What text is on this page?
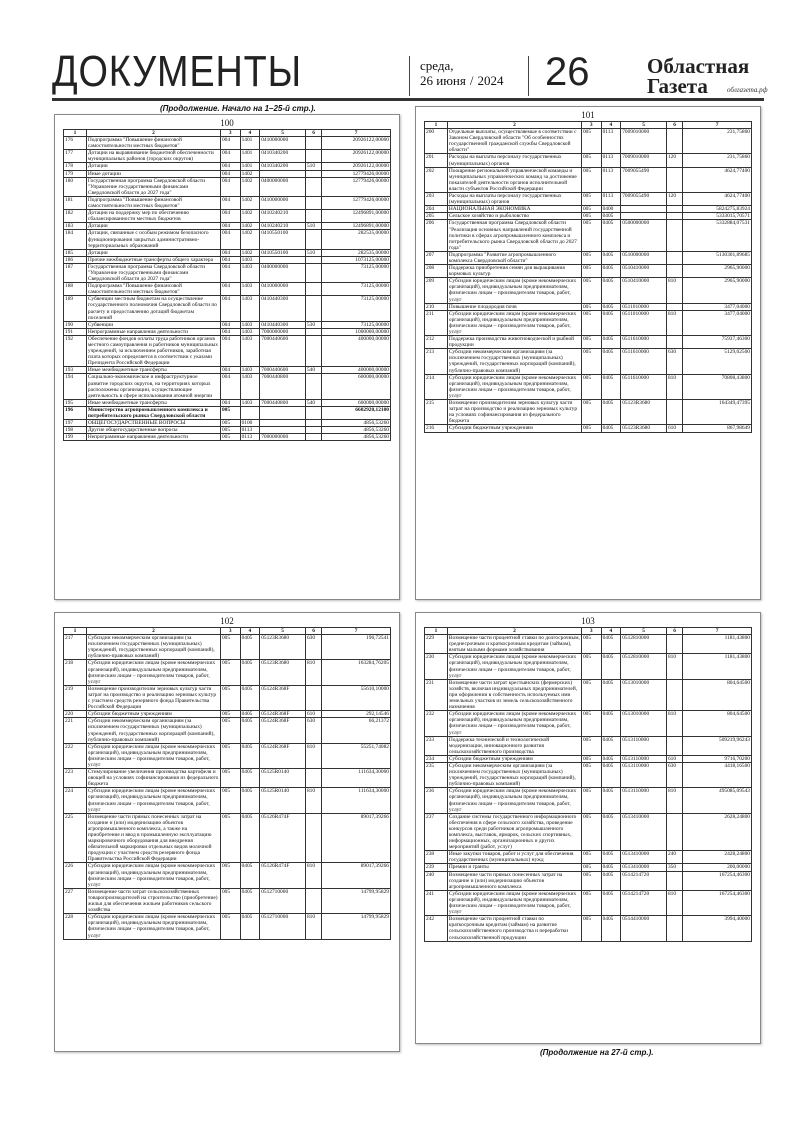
ДОКУМЕНТЫ	среда,
26 июня / 2024 26	Областная
Газета	облгазета.рф
(Продолжение. Начало на 1–25-й стр.).
100
1	2	3	4	5	6	7
176	Подпрограмма "Повышение финансовой самостоятельности местных бюджетов"	004	1401	0410000000		20926122,00000
177	Дотации на выравнивание бюджетной обеспеченности муниципальных районов (городских округов)	004	1401	0410340200		20926122,00000
178	Дотации	004	1401	0410340200	510	20926122,00000
179	Иные дотации	004	1402			12779426,00000
180	Государственная программа Свердловской области "Управление государственными финансами Свердловской области до 2027 года"	004	1402	0400000000		12779426,00000
181	Подпрограмма "Повышение финансовой самостоятельности местных бюджетов"	004	1402	0410000000		12779426,00000
182	Дотации на поддержку мер по обеспечению сбалансированности местных бюджетов	004	1402	0410240210		12496891,00000
183	Дотации	004	1402	0410240210	510	12496891,00000
184	Дотации, связанные с особым режимом безопасного функционирования закрытых административно-территориальных образований	004	1402	0410550100		282535,00000
185	Дотации	004	1402	0410550100	510	282535,00000
186	Прочие межбюджетные трансферты общего характера	004	1403			1073125,00000
187	Государственная программа Свердловской области "Управление государственными финансами Свердловской области до 2027 года"	004	1403	0400000000		73125,00000
188	Подпрограмма "Повышение финансовой самостоятельности местных бюджетов"	004	1403	0410000000		73125,00000
189	Субвенции местным бюджетам на осуществление государственного полномочия Свердловской области по расчету и предоставлению дотаций бюджетам поселений	004	1403	0410440300		73125,00000
190	Субвенции	004	1403	0410440300	530	73125,00000
191	Непрограммные направления деятельности	004	1403	7000000000		1000000,00000
192	Обеспечение фондов оплаты труда работников органов местного самоуправления и работников муниципальных учреждений, за исключением работников, заработная плата которых определяется в соответствии с указами Президента Российской Федерации	004	1403	7000440600		400000,00000
193	Иные межбюджетные трансферты	004	1403	7000440600	540	400000,00000
194	Социально-экономическое и инфраструктурное развитие городских округов, на территориях которых расположены организации, осуществляющие деятельность в сфере использования атомной энергии	004	1403	7000440800		600000,00000
195	Иные межбюджетные трансферты	004	1403	7000440800	540	600000,00000
196	Министерство агропромышленного комплекса и потребительского рынка Свердловской области	005				6602920,12100
197	ОБЩЕГОСУДАРСТВЕННЫЕ ВОПРОСЫ	005	0100			4856,53260
198	Другие общегосударственные вопросы	005	0113			4856,53260
199	Непрограммные направления деятельности	005	0113	7000000000		4856,53260
101
1	2	3	4	5	6	7
200	Отдельные выплаты, осуществляемые в соответствии с Законом Свердловской области "Об особенностях государственной гражданской службы Свердловской области"	005	0113	7009010000		231,75860
201	Расходы на выплаты персоналу государственных (муниципальных) органов	005	0113	7009010000	120	231,75860
202	Поощрение региональной управленческой команды и муниципальных управленческих команд за достижение показателей деятельности органов исполнительной власти субъектов Российской Федерации	005	0113	7009055490		4624,77400
203	Расходы на выплаты персоналу государственных (муниципальных) органов	005	0113	7009055490	120	4624,77400
204	НАЦИОНАЛЬНАЯ ЭКОНОМИКА	005	0400			5824275,83924
205	Сельское хозяйство и рыболовство	005	0405			5333015,70571
206	Государственная программа Свердловской области "Реализация основных направлений государственной политики в сферах агропромышленного комплекса и потребительского рынка Свердловской области до 2027 года"	005	0405	0500000000		5332884,07531
207	Подпрограмма "Развитие агропромышленного комплекса Свердловской области"	005	0405	0510000000		5130301,89685
208	Поддержка приобретения семян для выращивания кормовых культур	005	0405	0510410000		2965,90000
209	Субсидии юридическим лицам (кроме некоммерческих организаций), индивидуальным предпринимателям, физическим лицам – производителям товаров, работ, услуг	005	0405	0510410000	810	2965,90000
210	Повышение плодородия почв	005	0405	0511010000		3477,04000
211	Субсидии юридическим лицам (кроме некоммерческих организаций), индивидуальным предпринимателям, физическим лицам – производителям товаров, работ, услуг	005	0405	0511010000	810	3477,04000
212	Поддержка производства животноводческой и рыбной продукции	005	0405	0511610000		75937,46300
213	Субсидии некоммерческим организациям (за исключением государственных (муниципальных) учреждений, государственных корпораций (компаний), публично-правовых компаний)	005	0405	0511610000	630	5129,02500
214	Субсидии юридическим лицам (кроме некоммерческих организаций), индивидуальным предпринимателям, физическим лицам – производителям товаров, работ, услуг	005	0405	0511610000	810	70808,43800
215	Возмещение производителям зерновых культур части затрат на производство и реализацию зерновых культур на условиях софинансирования из федерального бюджета	005	0405	05123R3680		164349,47395
216	Субсидии бюджетным учреждениям	005	0405	05123R3680	610	867,98649
102
1	2	3	4	5	6	7
217	Субсидии некоммерческим организациям (за исключением государственных (муниципальных) учреждений, государственных корпораций (компаний), публично-правовых компаний)	005	0405	05123R3680	630	196,72541
218	Субсидии юридическим лицам (кроме некоммерческих организаций), индивидуальным предпринимателям, физическим лицам – производителям товаров, работ, услуг	005	0405	05123R3680	810	163284,76205
219	Возмещение производителям зерновых культур части затрат на производство и реализацию зерновых культур с участием средств резервного фонда Правительства Российской Федерации	005	0405	05124R368F		55610,10000
220	Субсидии бюджетным учреждениям	005	0405	05124R368F	610	292,14546
221	Субсидии некоммерческим организациям (за исключением государственных (муниципальных) учреждений, государственных корпораций (компаний), публично-правовых компаний)	005	0405	05124R368F	630	66,21372
222	Субсидии юридическим лицам (кроме некоммерческих организаций), индивидуальным предпринимателям, физическим лицам – производителям товаров, работ, услуг	005	0405	05124R368F	810	55251,74082
223	Стимулирование увеличения производства картофеля и овощей на условиях софинансирования из федерального бюджета	005	0405	05125R0140		111634,30000
224	Субсидии юридическим лицам (кроме некоммерческих организаций), индивидуальным предпринимателям, физическим лицам – производителям товаров, работ, услуг	005	0405	05125R0140	810	111634,30000
225	Возмещение части прямых понесенных затрат на создание и (или) модернизацию объектов агропромышленного комплекса, а также на приобретение и ввод в промышленную эксплуатацию маркировочного оборудования для внедрения обязательной маркировки отдельных видов молочной продукции с участием средств резервного фонда Правительства Российской Федерации	005	0405	05126R474F		89017,39266
226	Субсидии юридическим лицам (кроме некоммерческих организаций), индивидуальным предпринимателям, физическим лицам – производителям товаров, работ, услуг	005	0405	05126R474F	810	89017,39266
227	Возмещение части затрат сельскохозяйственных товаропроизводителей на строительство (приобретение) жилья для обеспечения жильем работников сельского хозяйства	005	0405	0512710000		14799,95829
228	Субсидии юридическим лицам (кроме некоммерческих организаций), индивидуальным предпринимателям, физическим лицам – производителям товаров, работ, услуг	005	0405	0512710000	810	14799,95829
103
1	2	3	4	5	6	7
229	Возмещение части процентной ставки по долгосрочным, среднесрочным и краткосрочным кредитам (займам), взятым малыми формами хозяйствования	005	0405	0512810000		1181,43800
230	Субсидии юридическим лицам (кроме некоммерческих организаций), индивидуальным предпринимателям, физическим лицам – производителям товаров, работ, услуг	005	0405	0512810000	810	1181,43800
231	Возмещение части затрат крестьянских (фермерских) хозяйств, включая индивидуальных предпринимателей, при оформлении в собственность используемых ими земельных участков из земель сельскохозяйственного назначения	005	0405	0513010000		804,64500
232	Субсидии юридическим лицам (кроме некоммерческих организаций), индивидуальным предпринимателям, физическим лицам – производителям товаров, работ, услуг	005	0405	0513010000	810	804,64500
233	Поддержка технической и технологической модернизации, инновационного развития сельскохозяйственного производства	005	0405	0513110000		509219,96243
234	Субсидии бюджетным учреждениям	005	0405	0513110000	610	9716,70200
235	Субсидии некоммерческим организациям (за исключением государственных (муниципальных) учреждений, государственных корпораций (компаний), публично-правовых компаний)	005	0405	0513110000	630	4418,16500
236	Субсидии юридическим лицам (кроме некоммерческих организаций), индивидуальным предпринимателям, физическим лицам – производителям товаров, работ, услуг	005	0405	0513110000	810	495085,09543
237	Создание системы государственного информационного обеспечения в сфере сельского хозяйства, проведение конкурсов среди работников агропромышленного комплекса, выставок, ярмарок, сельских спортивных, информационных, организационных и других мероприятий (работ, услуг)	005	0405	0513410000		2628,24800
238	Иные закупки товаров, работ и услуг для обеспечения государственных (муниципальных) нужд	005	0405	0513410000	240	2428,24800
239	Премии и гранты	005	0405	0513410000	350	200,00000
240	Возмещение части прямых понесенных затрат на создание и (или) модернизацию объектов агропромышленного комплекса	005	0405	0514214720		167254,46300
241	Субсидии юридическим лицам (кроме некоммерческих организаций), индивидуальным предпринимателям, физическим лицам – производителям товаров, работ, услуг	005	0405	0514214720	810	167254,46300
242	Возмещение части процентной ставки по краткосрочным кредитам (займам) на развитие сельскохозяйственного производства и переработки сельскохозяйственной продукции	005	0405	0514410000		3994,40000
(Продолжение на 27-й стр.).
